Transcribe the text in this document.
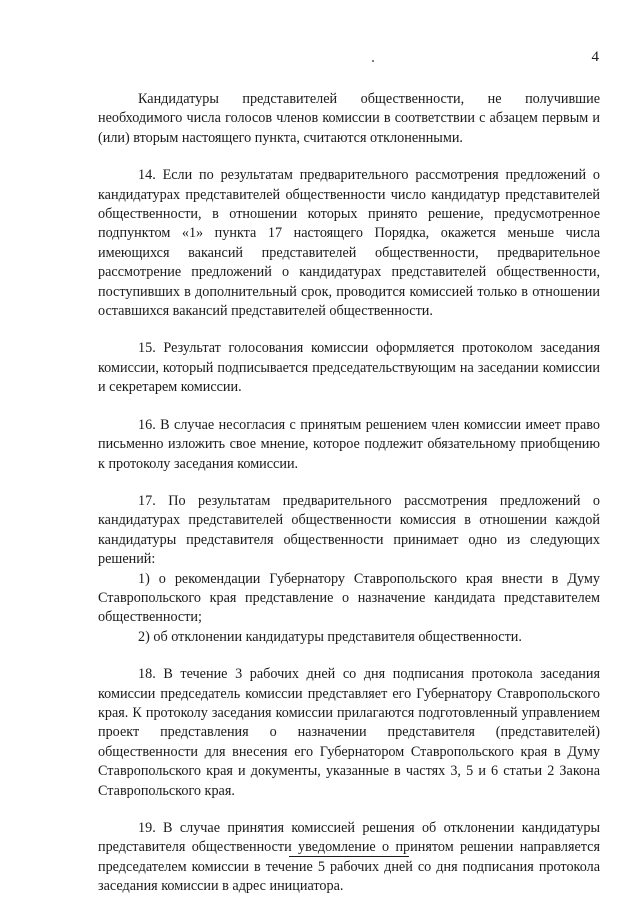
4

Кандидатуры представителей общественности, не получившие необходимого числа голосов членов комиссии в соответствии с абзацем первым и (или) вторым настоящего пункта, считаются отклоненными.

14. Если по результатам предварительного рассмотрения предложений о кандидатурах представителей общественности число кандидатур представителей общественности, в отношении которых принято решение, предусмотренное подпунктом «1» пункта 17 настоящего Порядка, окажется меньше числа имеющихся вакансий представителей общественности, предварительное рассмотрение предложений о кандидатурах представителей общественности, поступивших в дополнительный срок, проводится комиссией только в отношении оставшихся вакансий представителей общественности.

15. Результат голосования комиссии оформляется протоколом заседания комиссии, который подписывается председательствующим на заседании комиссии и секретарем комиссии.

16. В случае несогласия с принятым решением член комиссии имеет право письменно изложить свое мнение, которое подлежит обязательному приобщению к протоколу заседания комиссии.

17. По результатам предварительного рассмотрения предложений о кандидатурах представителей общественности комиссия в отношении каждой кандидатуры представителя общественности принимает одно из следующих решений:

1) о рекомендации Губернатору Ставропольского края внести в Думу Ставропольского края представление о назначение кандидата представителем общественности;

2) об отклонении кандидатуры представителя общественности.

18. В течение 3 рабочих дней со дня подписания протокола заседания комиссии председатель комиссии представляет его Губернатору Ставропольского края. К протоколу заседания комиссии прилагаются подготовленный управлением проект представления о назначении представителя (представителей) общественности для внесения его Губернатором Ставропольского края в Думу Ставропольского края и документы, указанные в частях 3, 5 и 6 статьи 2 Закона Ставропольского края.

19. В случае принятия комиссией решения об отклонении кандидатуры представителя общественности уведомление о принятом решении направляется председателем комиссии в течение 5 рабочих дней со дня подписания протокола заседания комиссии в адрес инициатора.
